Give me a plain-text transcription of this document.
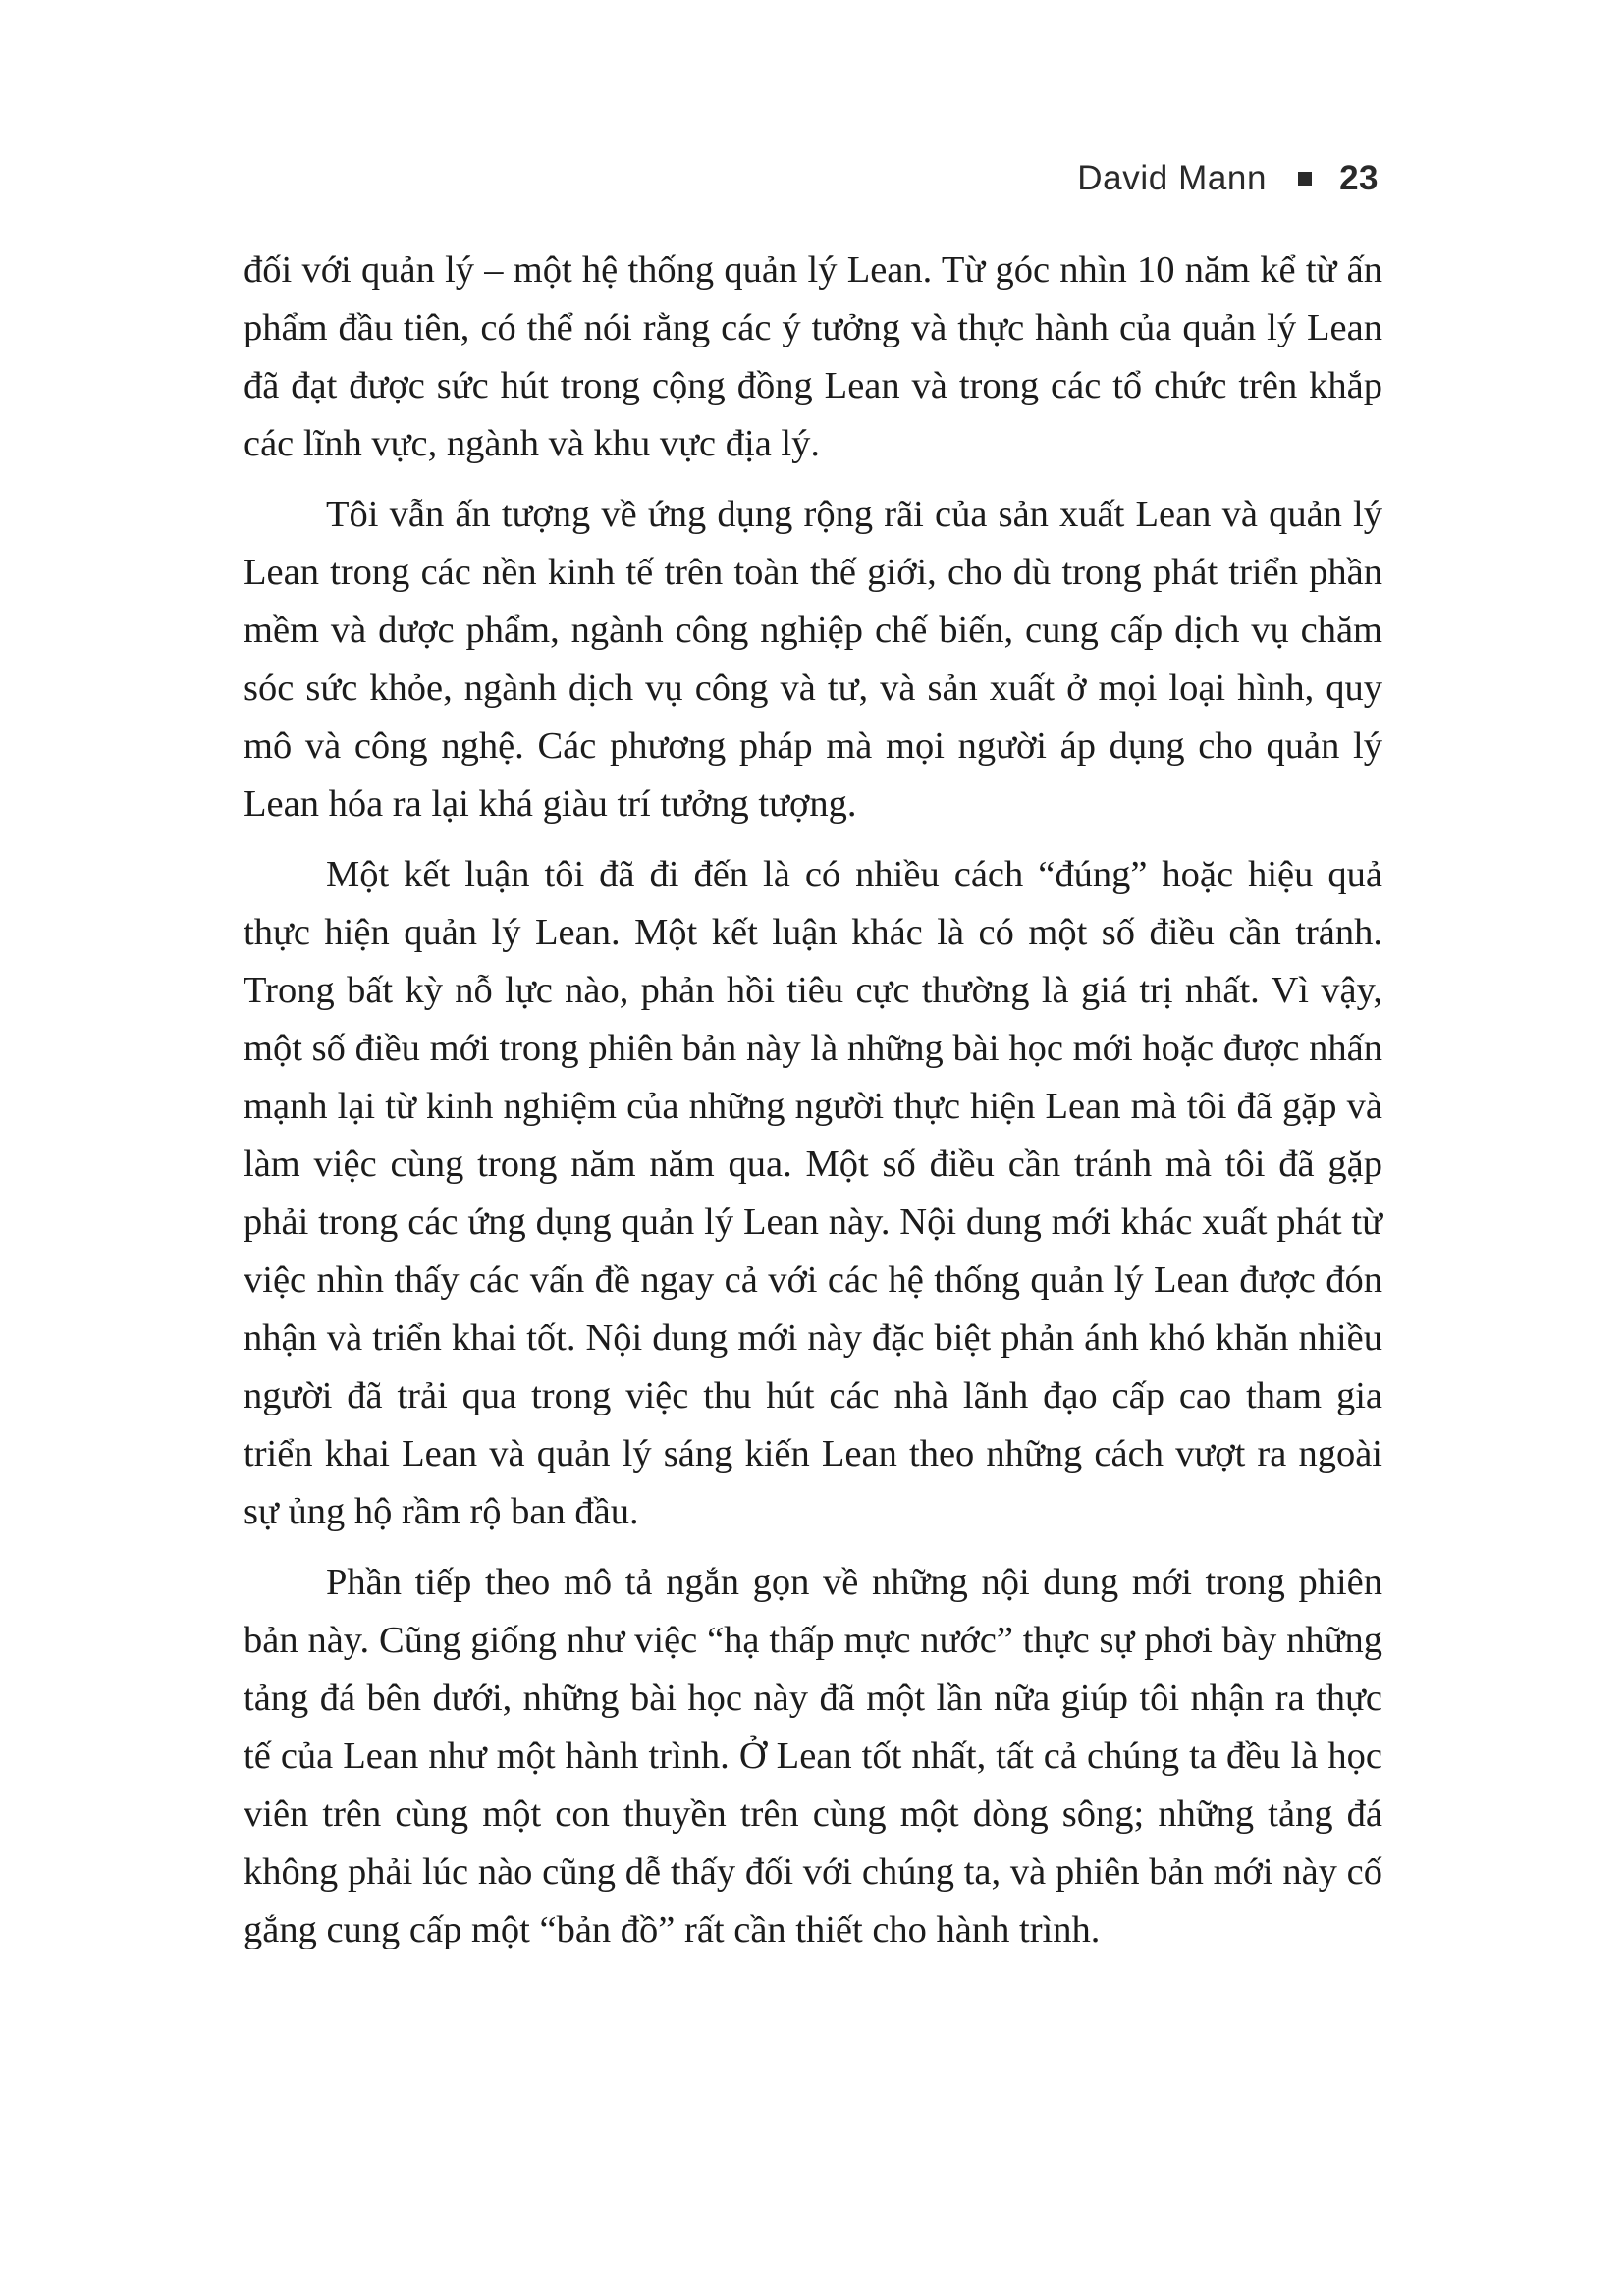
David Mann 23

đối với quản lý – một hệ thống quản lý Lean. Từ góc nhìn 10 năm kể từ ấn phẩm đầu tiên, có thể nói rằng các ý tưởng và thực hành của quản lý Lean đã đạt được sức hút trong cộng đồng Lean và trong các tổ chức trên khắp các lĩnh vực, ngành và khu vực địa lý.

Tôi vẫn ấn tượng về ứng dụng rộng rãi của sản xuất Lean và quản lý Lean trong các nền kinh tế trên toàn thế giới, cho dù trong phát triển phần mềm và dược phẩm, ngành công nghiệp chế biến, cung cấp dịch vụ chăm sóc sức khỏe, ngành dịch vụ công và tư, và sản xuất ở mọi loại hình, quy mô và công nghệ. Các phương pháp mà mọi người áp dụng cho quản lý Lean hóa ra lại khá giàu trí tưởng tượng.

Một kết luận tôi đã đi đến là có nhiều cách “đúng” hoặc hiệu quả thực hiện quản lý Lean. Một kết luận khác là có một số điều cần tránh. Trong bất kỳ nỗ lực nào, phản hồi tiêu cực thường là giá trị nhất. Vì vậy, một số điều mới trong phiên bản này là những bài học mới hoặc được nhấn mạnh lại từ kinh nghiệm của những người thực hiện Lean mà tôi đã gặp và làm việc cùng trong năm năm qua. Một số điều cần tránh mà tôi đã gặp phải trong các ứng dụng quản lý Lean này. Nội dung mới khác xuất phát từ việc nhìn thấy các vấn đề ngay cả với các hệ thống quản lý Lean được đón nhận và triển khai tốt. Nội dung mới này đặc biệt phản ánh khó khăn nhiều người đã trải qua trong việc thu hút các nhà lãnh đạo cấp cao tham gia triển khai Lean và quản lý sáng kiến Lean theo những cách vượt ra ngoài sự ủng hộ rầm rộ ban đầu.

Phần tiếp theo mô tả ngắn gọn về những nội dung mới trong phiên bản này. Cũng giống như việc “hạ thấp mực nước” thực sự phơi bày những tảng đá bên dưới, những bài học này đã một lần nữa giúp tôi nhận ra thực tế của Lean như một hành trình. Ở Lean tốt nhất, tất cả chúng ta đều là học viên trên cùng một con thuyền trên cùng một dòng sông; những tảng đá không phải lúc nào cũng dễ thấy đối với chúng ta, và phiên bản mới này cố gắng cung cấp một “bản đồ” rất cần thiết cho hành trình.
